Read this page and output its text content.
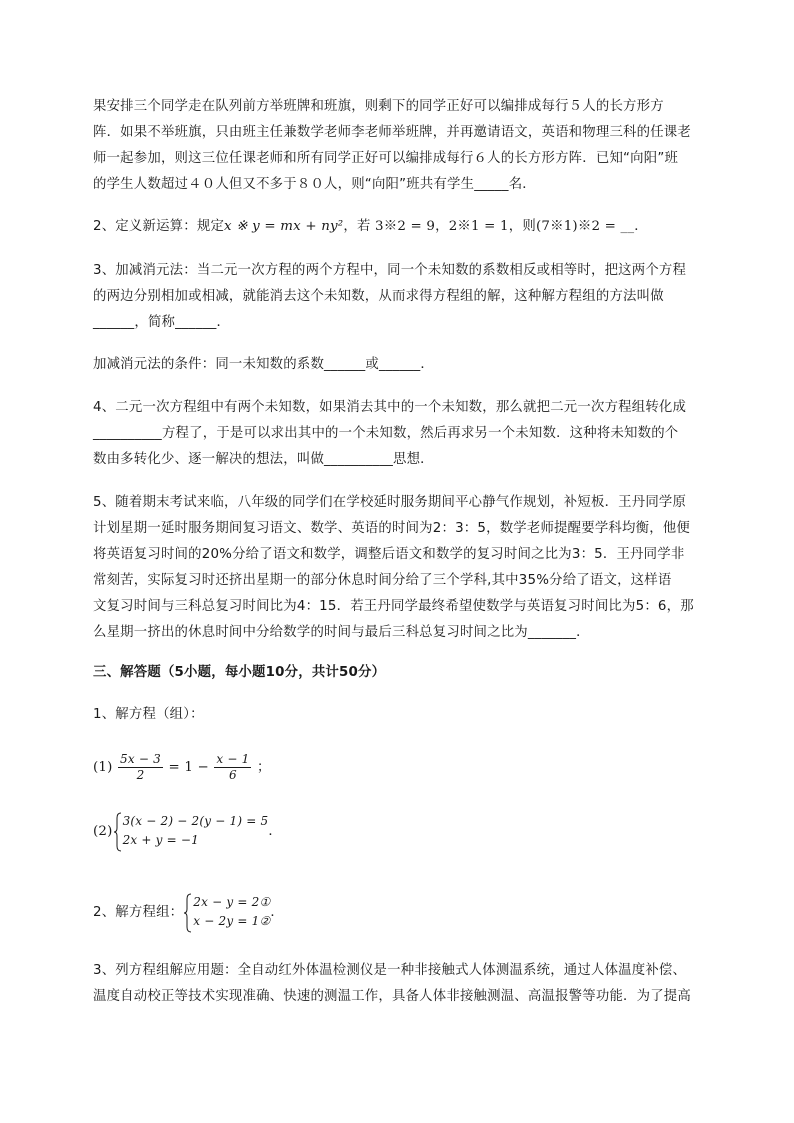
果安排三个同学走在队列前方举班牌和班旗，则剩下的同学正好可以编排成每行５人的长方形方
阵．如果不举班旗，只由班主任兼数学老师李老师举班牌，并再邀请语文，英语和物理三科的任课老
师一起参加，则这三位任课老师和所有同学正好可以编排成每行６人的长方形方阵．已知“向阳”班
的学生人数超过４０人但又不多于８０人，则“向阳”班共有学生_____名．
2、定义新运算：规定x ※ y = mx + ny²，若 3※2 = 9，2※1 = 1，则(7※1)※2 = __．
3、加减消元法：当二元一次方程的两个方程中，同一个未知数的系数相反或相等时，把这两个方程
的两边分别相加或相减，就能消去这个未知数，从而求得方程组的解，这种解方程组的方法叫做
______，简称______．
加减消元法的条件：同一未知数的系数______或______．
4、二元一次方程组中有两个未知数，如果消去其中的一个未知数，那么就把二元一次方程组转化成
__________方程了，于是可以求出其中的一个未知数，然后再求另一个未知数．这种将未知数的个
数由多转化少、逐一解决的想法，叫做__________思想．
5、随着期末考试来临，八年级的同学们在学校延时服务期间平心静气作规划，补短板．王丹同学原
计划星期一延时服务期间复习语文、数学、英语的时间为2：3：5，数学老师提醒要学科均衡，他便
将英语复习时间的20%分给了语文和数学，调整后语文和数学的复习时间之比为3：5．王丹同学非
常刻苦，实际复习时还挤出星期一的部分休息时间分给了三个学科,其中35%分给了语文，这样语
文复习时间与三科总复习时间比为4：15．若王丹同学最终希望使数学与英语复习时间比为5：6，那
么星期一挤出的休息时间中分给数学的时间与最后三科总复习时间之比为_______．
三、解答题（5小题，每小题10分，共计50分）
1、解方程（组）：
$(1) \frac{5x - 3}{2} = 1 - \frac{x - 1}{6}$ ；
(2)
3(x − 2) − 2(y − 1) = 5
2x + y = −1
．
2、解方程组：
2x − y = 2①
x − 2y = 1②
．
3、列方程组解应用题：全自动红外体温检测仪是一种非接触式人体测温系统，通过人体温度补偿、
温度自动校正等技术实现准确、快速的测温工作，具备人体非接触测温、高温报警等功能．为了提高
